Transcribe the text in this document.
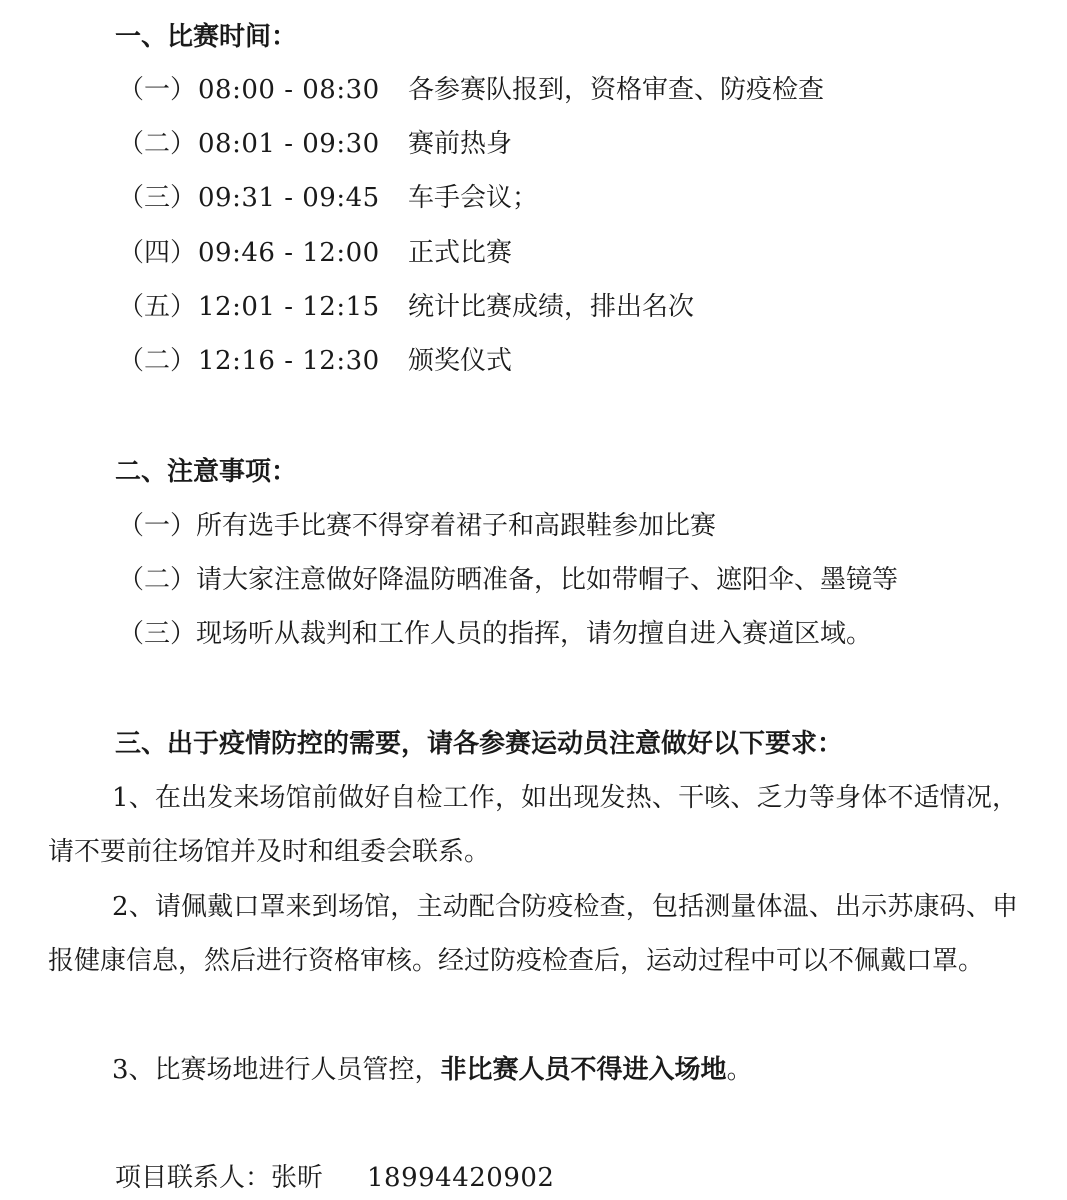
一、比赛时间：
（一）08:00 - 08:30 各参赛队报到，资格审查、防疫检查
（二）08:01 - 09:30 赛前热身
（三）09:31 - 09:45 车手会议；
（四）09:46 - 12:00 正式比赛
（五）12:01 - 12:15 统计比赛成绩，排出名次
（二）12:16 - 12:30 颁奖仪式
二、注意事项：
（一）所有选手比赛不得穿着裙子和高跟鞋参加比赛
（二）请大家注意做好降温防晒准备，比如带帽子、遮阳伞、墨镜等
（三）现场听从裁判和工作人员的指挥，请勿擅自进入赛道区域。
三、出于疫情防控的需要，请各参赛运动员注意做好以下要求：
1、在出发来场馆前做好自检工作，如出现发热、干咳、乏力等身体不适情况，请不要前往场馆并及时和组委会联系。
2、请佩戴口罩来到场馆，主动配合防疫检查，包括测量体温、出示苏康码、申报健康信息，然后进行资格审核。经过防疫检查后，运动过程中可以不佩戴口罩。
3、比赛场地进行人员管控，非比赛人员不得进入场地。
项目联系人：张昕 18994420902
